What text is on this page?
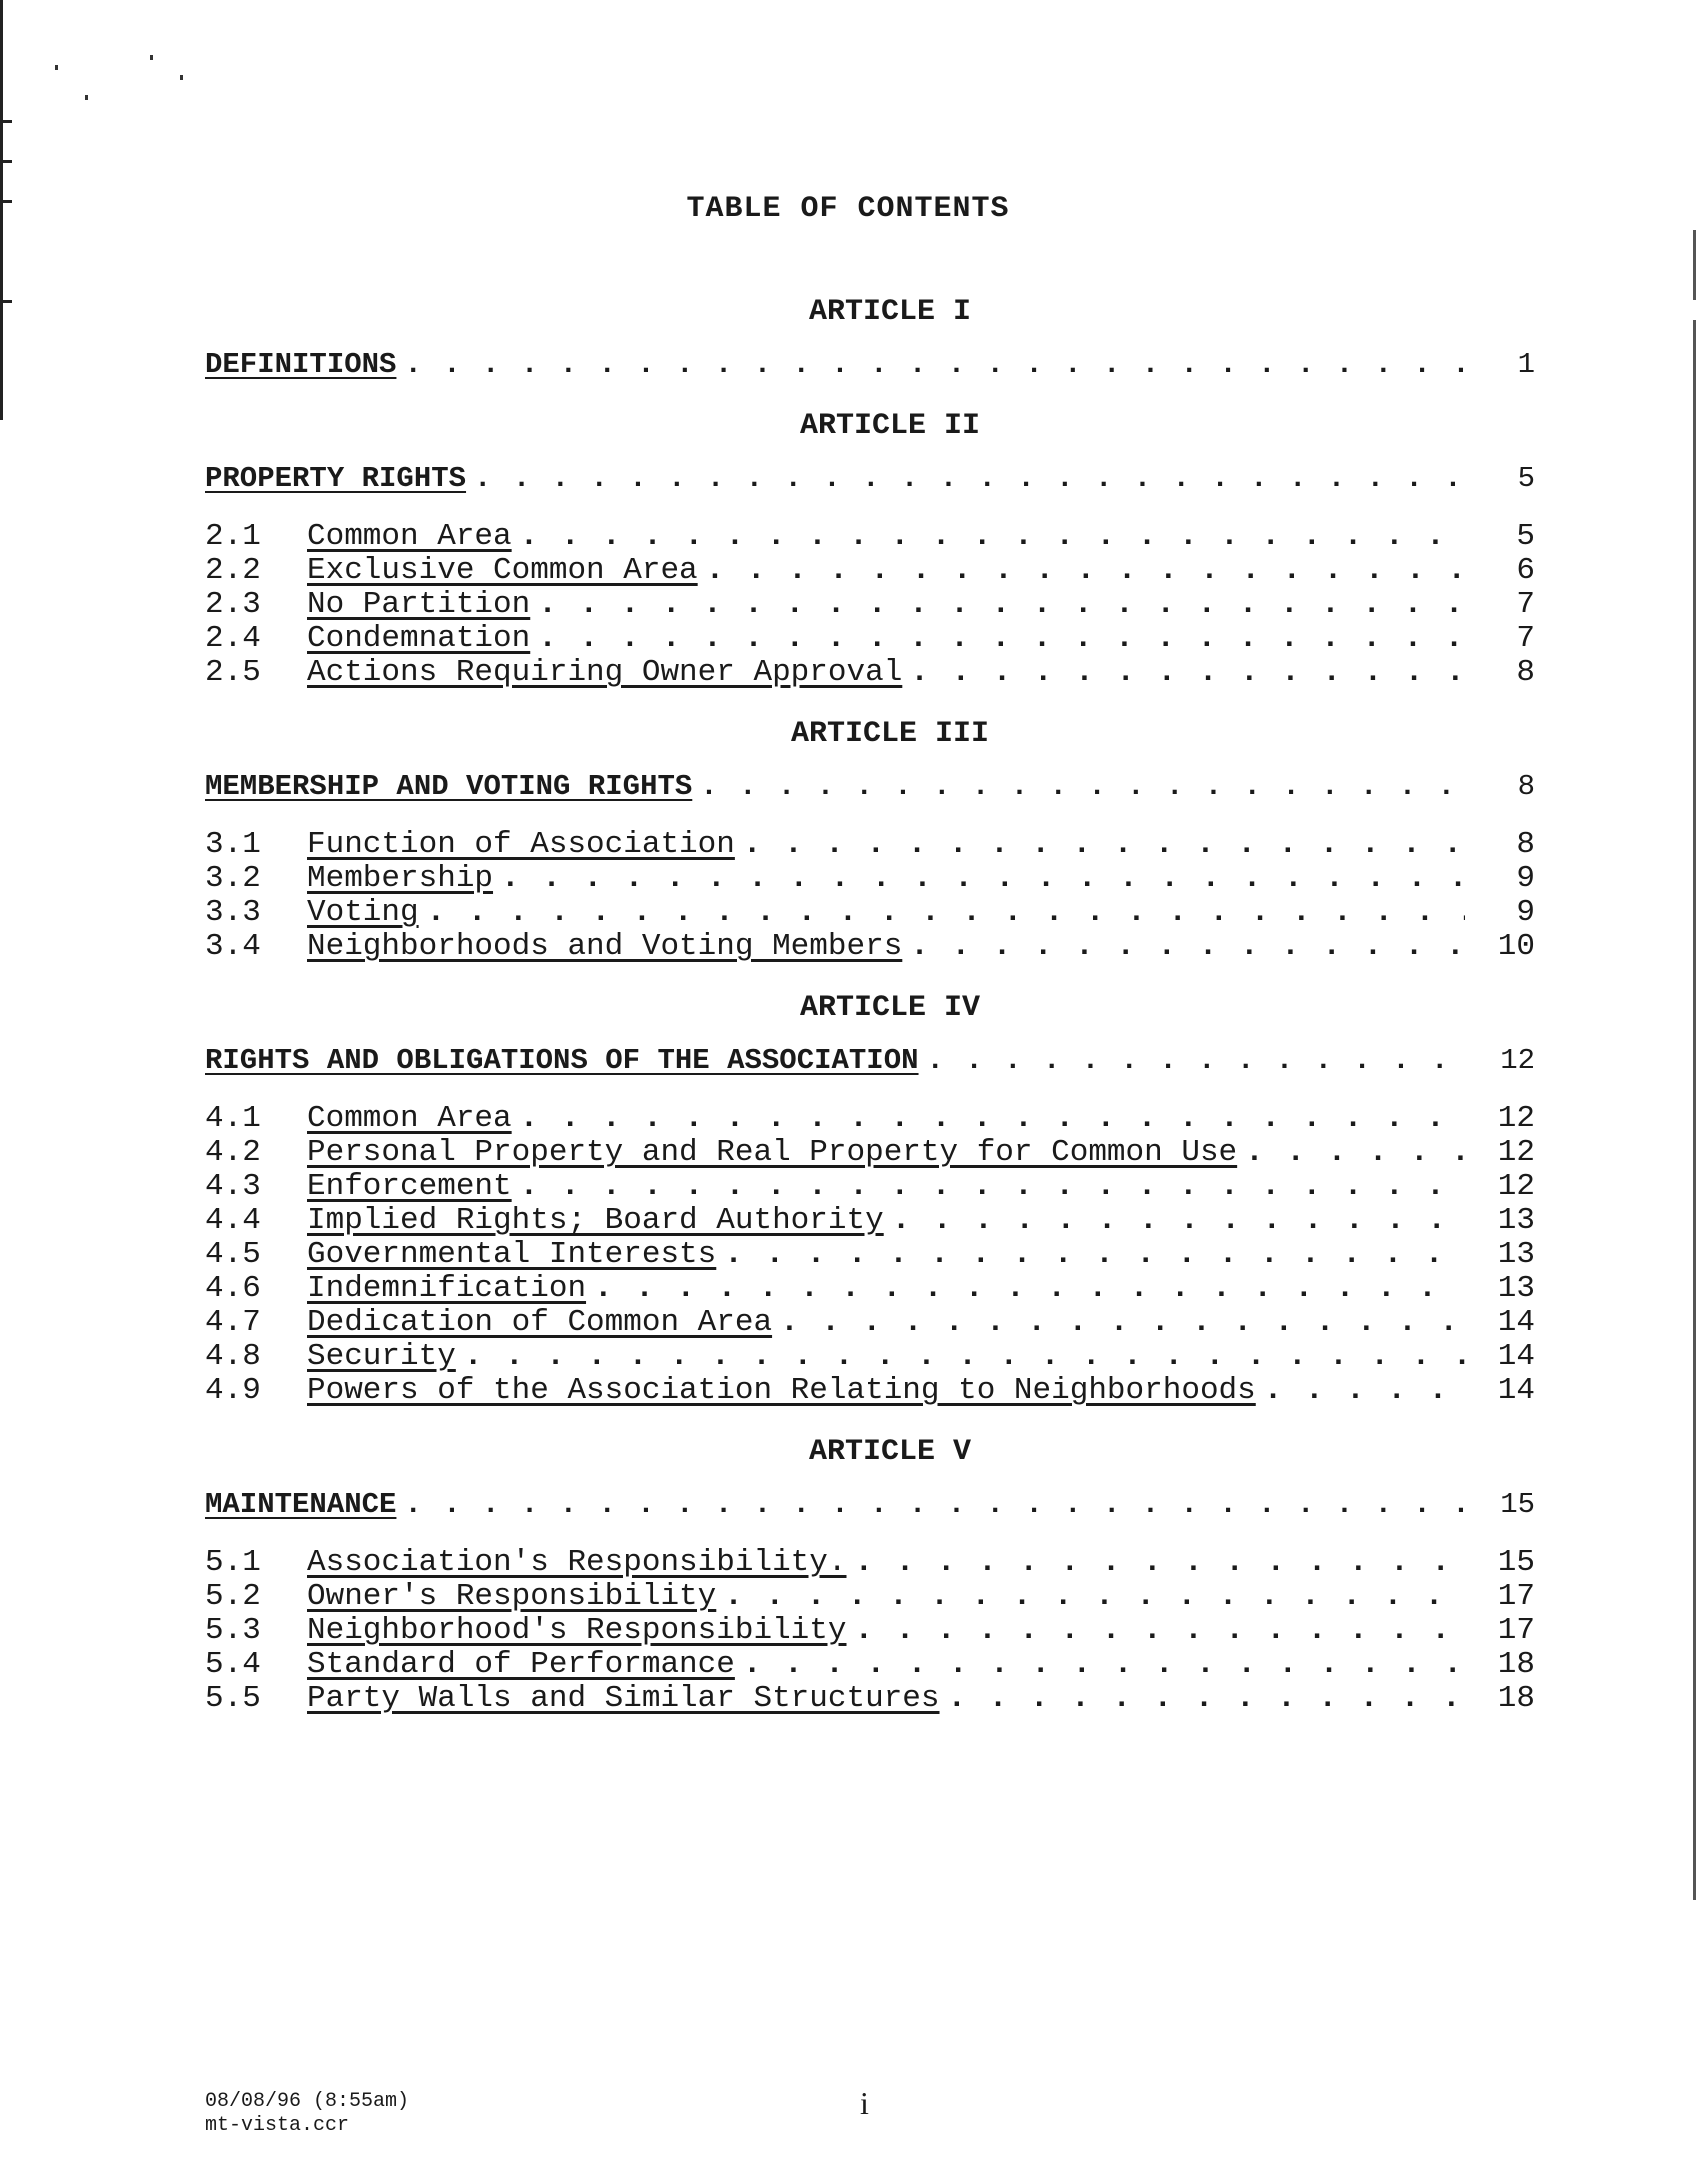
TABLE OF CONTENTS
ARTICLE I
DEFINITIONS . . .	1
ARTICLE II
PROPERTY RIGHTS . . .	5
2.1	Common Area . . .	5
2.2	Exclusive Common Area . . .	6
2.3	No Partition . . .	7
2.4	Condemnation . . .	7
2.5	Actions Requiring Owner Approval . . .	8
ARTICLE III
MEMBERSHIP AND VOTING RIGHTS . . .	8
3.1	Function of Association . . .	8
3.2	Membership . . .	9
3.3	Voting . . .	9
3.4	Neighborhoods and Voting Members . . .	10
ARTICLE IV
RIGHTS AND OBLIGATIONS OF THE ASSOCIATION . . .	12
4.1	Common Area . . .	12
4.2	Personal Property and Real Property for Common Use . . .	12
4.3	Enforcement . . .	12
4.4	Implied Rights; Board Authority . . .	13
4.5	Governmental Interests . . .	13
4.6	Indemnification . . .	13
4.7	Dedication of Common Area . . .	14
4.8	Security . . .	14
4.9	Powers of the Association Relating to Neighborhoods . . .	14
ARTICLE V
MAINTENANCE . . .	15
5.1	Association's Responsibility. . . .	15
5.2	Owner's Responsibility . . .	17
5.3	Neighborhood's Responsibility . . .	17
5.4	Standard of Performance . . .	18
5.5	Party Walls and Similar Structures . . .	18
08/08/96 (8:55am)
mt-vista.ccr
i
